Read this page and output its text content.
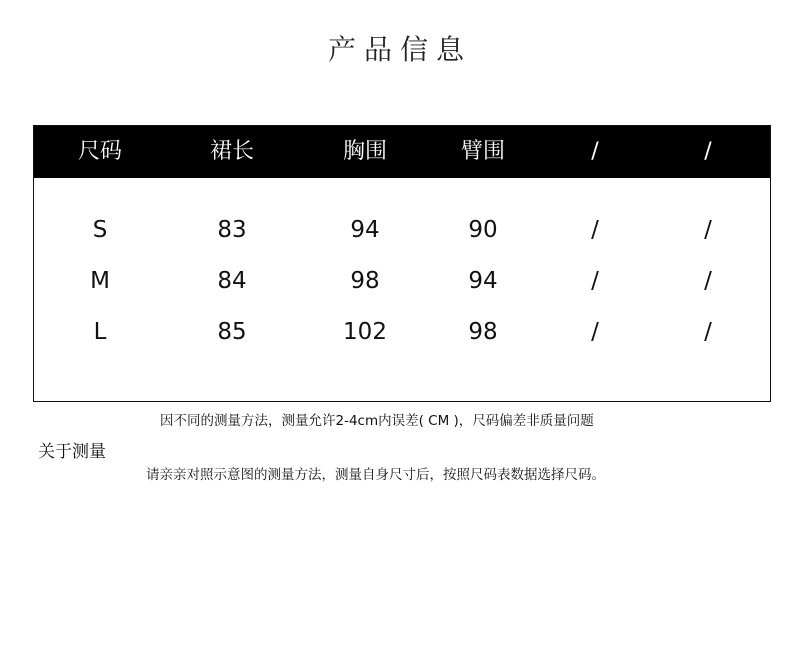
产品信息
尺码	裙长	胸围	臂围	/	/
S	83	94	90	/	/
M	84	98	94	/	/
L	85	102	98	/	/
因不同的测量方法，测量允许2-4cm内误差( CM )，尺码偏差非质量问题
关于测量
请亲亲对照示意图的测量方法，测量自身尺寸后，按照尺码表数据选择尺码。
